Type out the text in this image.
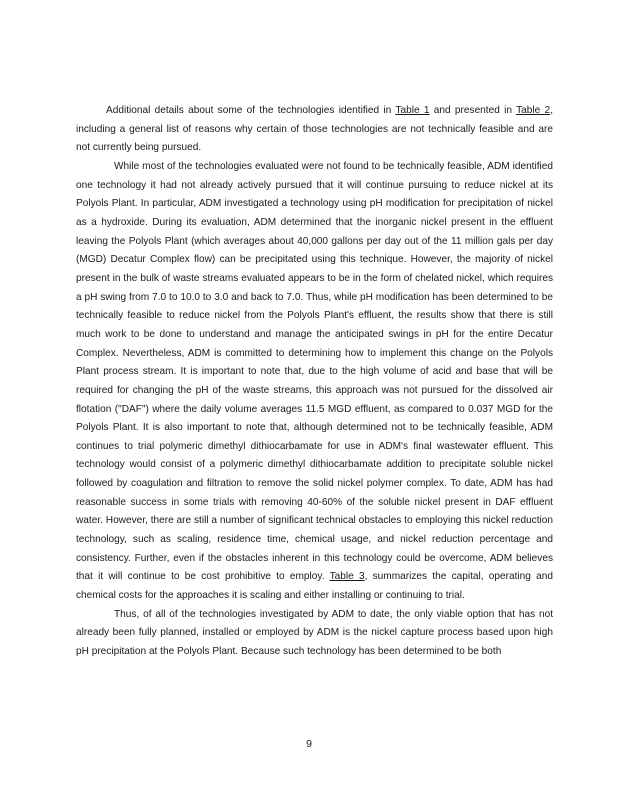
Additional details about some of the technologies identified in Table 1 and presented in Table 2, including a general list of reasons why certain of those technologies are not technically feasible and are not currently being pursued.

While most of the technologies evaluated were not found to be technically feasible, ADM identified one technology it had not already actively pursued that it will continue pursuing to reduce nickel at its Polyols Plant. In particular, ADM investigated a technology using pH modification for precipitation of nickel as a hydroxide. During its evaluation, ADM determined that the inorganic nickel present in the effluent leaving the Polyols Plant (which averages about 40,000 gallons per day out of the 11 million gals per day (MGD) Decatur Complex flow) can be precipitated using this technique. However, the majority of nickel present in the bulk of waste streams evaluated appears to be in the form of chelated nickel, which requires a pH swing from 7.0 to 10.0 to 3.0 and back to 7.0. Thus, while pH modification has been determined to be technically feasible to reduce nickel from the Polyols Plant's effluent, the results show that there is still much work to be done to understand and manage the anticipated swings in pH for the entire Decatur Complex. Nevertheless, ADM is committed to determining how to implement this change on the Polyols Plant process stream. It is important to note that, due to the high volume of acid and base that will be required for changing the pH of the waste streams, this approach was not pursued for the dissolved air flotation ("DAF") where the daily volume averages 11.5 MGD effluent, as compared to 0.037 MGD for the Polyols Plant. It is also important to note that, although determined not to be technically feasible, ADM continues to trial polymeric dimethyl dithiocarbamate for use in ADM's final wastewater effluent. This technology would consist of a polymeric dimethyl dithiocarbamate addition to precipitate soluble nickel followed by coagulation and filtration to remove the solid nickel polymer complex. To date, ADM has had reasonable success in some trials with removing 40-60% of the soluble nickel present in DAF effluent water. However, there are still a number of significant technical obstacles to employing this nickel reduction technology, such as scaling, residence time, chemical usage, and nickel reduction percentage and consistency. Further, even if the obstacles inherent in this technology could be overcome, ADM believes that it will continue to be cost prohibitive to employ. Table 3, summarizes the capital, operating and chemical costs for the approaches it is scaling and either installing or continuing to trial.

Thus, of all of the technologies investigated by ADM to date, the only viable option that has not already been fully planned, installed or employed by ADM is the nickel capture process based upon high pH precipitation at the Polyols Plant. Because such technology has been determined to be both

9
